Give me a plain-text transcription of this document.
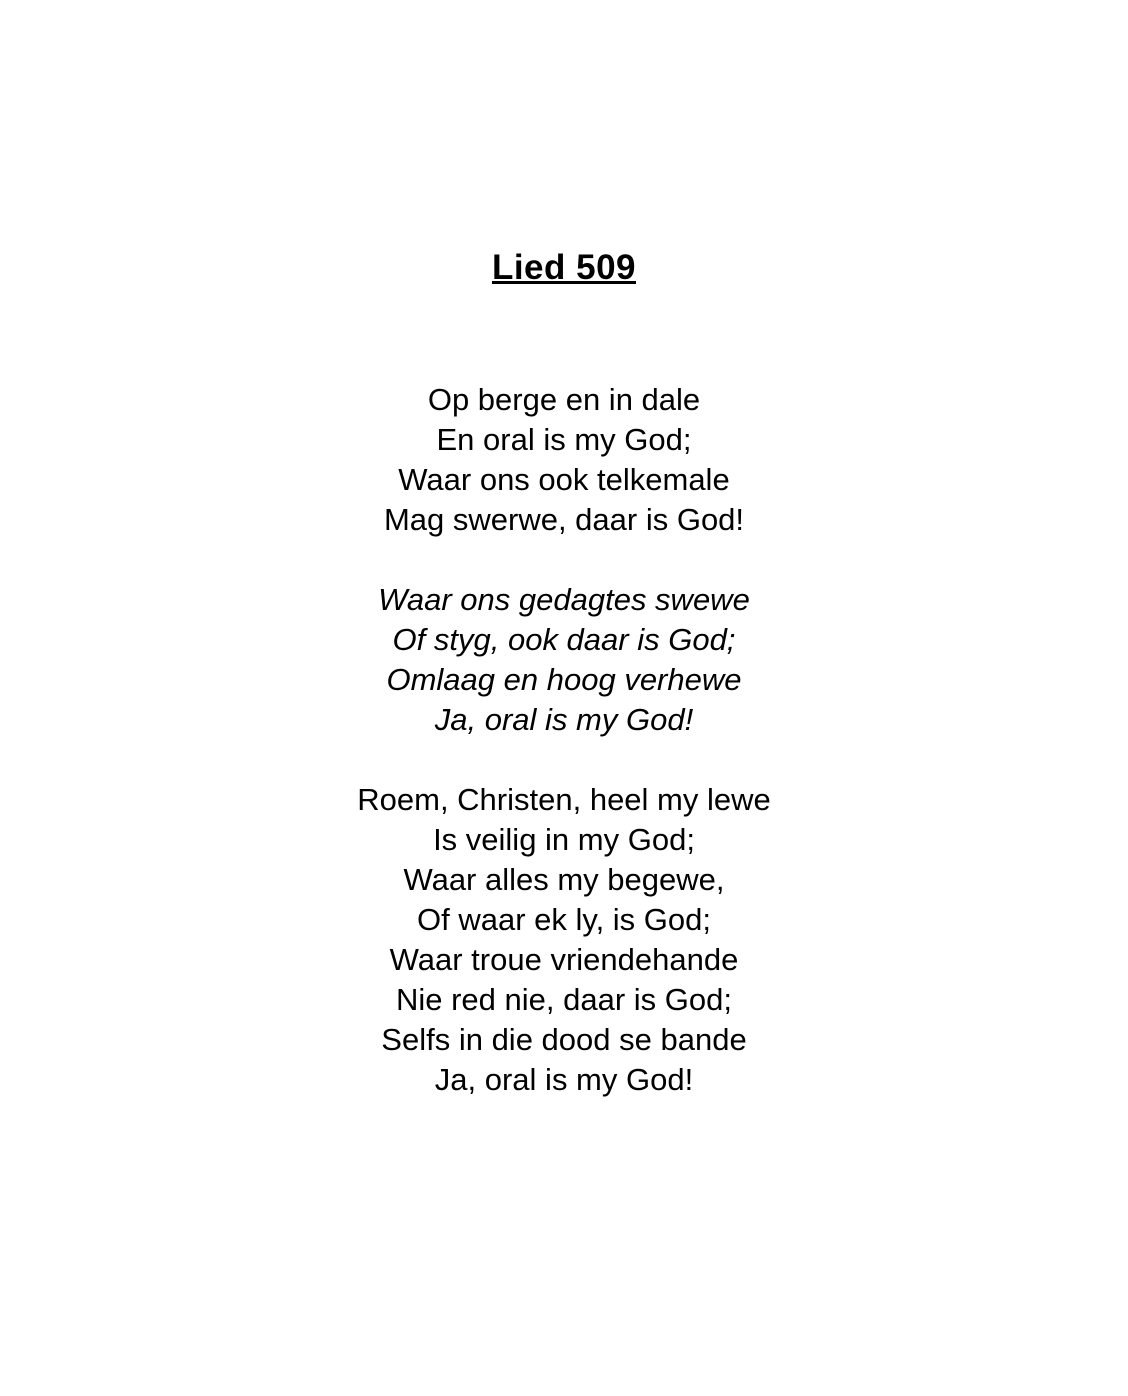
Lied 509
Op berge en in dale
En oral is my God;
Waar ons ook telkemale
Mag swerwe, daar is God!
Waar ons gedagtes swewe
Of styg, ook daar is God;
Omlaag en hoog verhewe
Ja, oral is my God!
Roem, Christen, heel my lewe
Is veilig in my God;
Waar alles my begewe,
Of waar ek ly, is God;
Waar troue vriendehande
Nie red nie, daar is God;
Selfs in die dood se bande
Ja, oral is my God!
